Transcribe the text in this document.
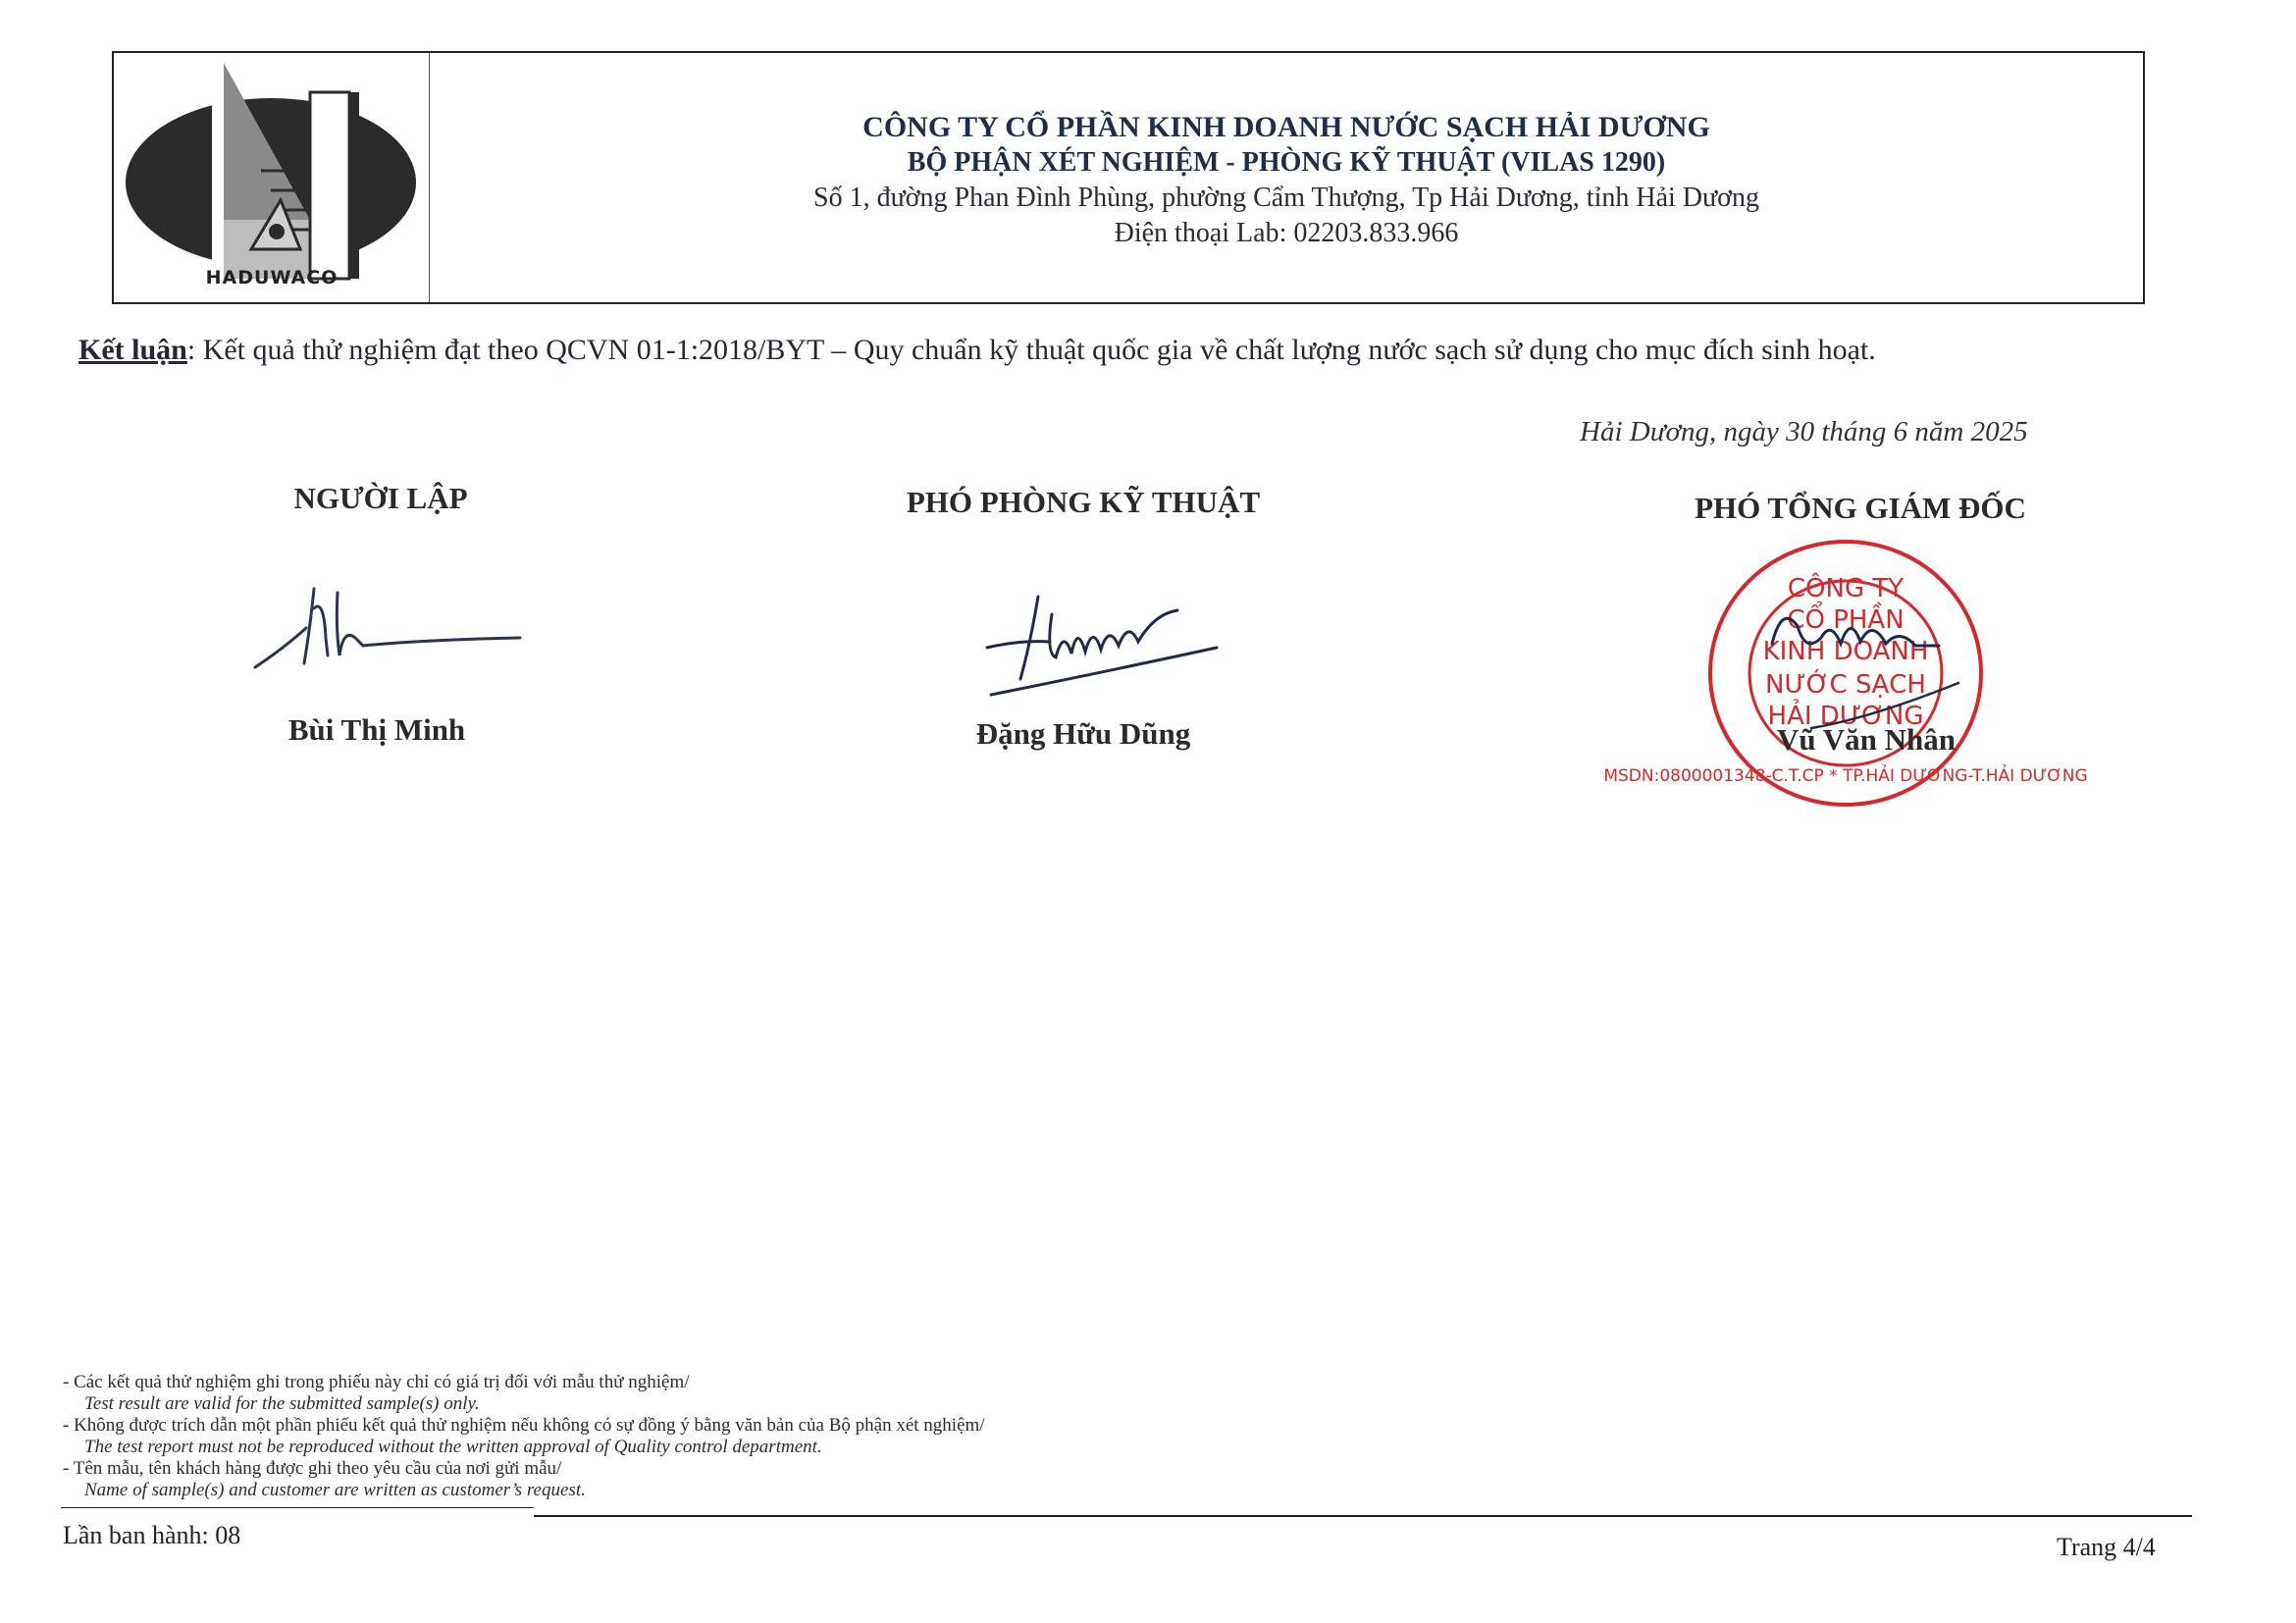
HADUWACO
CÔNG TY CỔ PHẦN KINH DOANH NƯỚC SẠCH HẢI DƯƠNG
BỘ PHẬN XÉT NGHIỆM - PHÒNG KỸ THUẬT (VILAS 1290)
Số 1, đường Phan Đình Phùng, phường Cẩm Thượng, Tp Hải Dương, tỉnh Hải Dương
Điện thoại Lab: 02203.833.966
Kết luận: Kết quả thử nghiệm đạt theo QCVN 01-1:2018/BYT – Quy chuẩn kỹ thuật quốc gia về chất lượng nước sạch sử dụng cho mục đích sinh hoạt.
Hải Dương, ngày 30 tháng 6 năm 2025
NGƯỜI LẬP
Bùi Thị Minh
PHÓ PHÒNG KỸ THUẬT
Đặng Hữu Dũng
PHÓ TỔNG GIÁM ĐỐC
CÔNG TY
CỔ PHẦN
KINH DOANH
NƯỚC SẠCH
HẢI DƯƠNG
MSDN:0800001348-C.T.CP * TP.HẢI DƯƠNG-T.HẢI DƯƠNG
Vũ Văn Nhân
- Các kết quả thử nghiệm ghi trong phiếu này chỉ có giá trị đối với mẫu thử nghiệm/
Test result are valid for the submitted sample(s) only.
- Không được trích dẫn một phần phiếu kết quả thử nghiệm nếu không có sự đồng ý bằng văn bản của Bộ phận xét nghiệm/
The test report must not be reproduced without the written approval of Quality control department.
- Tên mẫu, tên khách hàng được ghi theo yêu cầu của nơi gửi mẫu/
Name of sample(s) and customer are written as customer’s request.
Lần ban hành: 08	Trang 4/4
